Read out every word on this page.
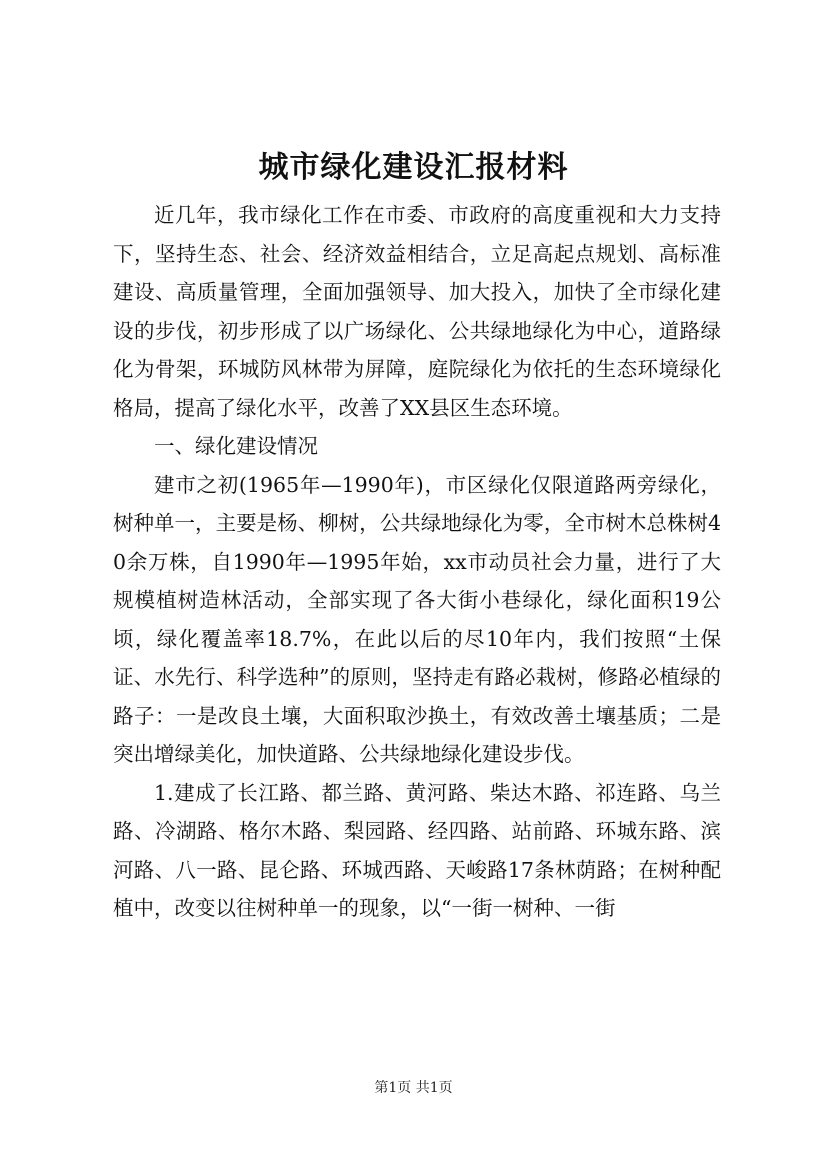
城市绿化建设汇报材料

近几年，我市绿化工作在市委、市政府的高度重视和大力支持下，坚持生态、社会、经济效益相结合，立足高起点规划、高标准建设、高质量管理，全面加强领导、加大投入，加快了全市绿化建设的步伐，初步形成了以广场绿化、公共绿地绿化为中心，道路绿化为骨架，环城防风林带为屏障，庭院绿化为依托的生态环境绿化格局，提高了绿化水平，改善了XX县区生态环境。

一、绿化建设情况

建市之初(1965年—1990年)，市区绿化仅限道路两旁绿化，树种单一，主要是杨、柳树，公共绿地绿化为零，全市树木总株树40余万株，自1990年—1995年始，xx市动员社会力量，进行了大规模植树造林活动，全部实现了各大街小巷绿化，绿化面积19公顷，绿化覆盖率18.7%，在此以后的尽10年内，我们按照“土保证、水先行、科学选种”的原则，坚持走有路必栽树，修路必植绿的路子：一是改良土壤，大面积取沙换土，有效改善土壤基质；二是突出增绿美化，加快道路、公共绿地绿化建设步伐。

1.建成了长江路、都兰路、黄河路、柴达木路、祁连路、乌兰路、冷湖路、格尔木路、梨园路、经四路、站前路、环城东路、滨河路、八一路、昆仑路、环城西路、天峻路17条林荫路；在树种配植中，改变以往树种单一的现象，以“一街一树种、一街

第1页 共1页
